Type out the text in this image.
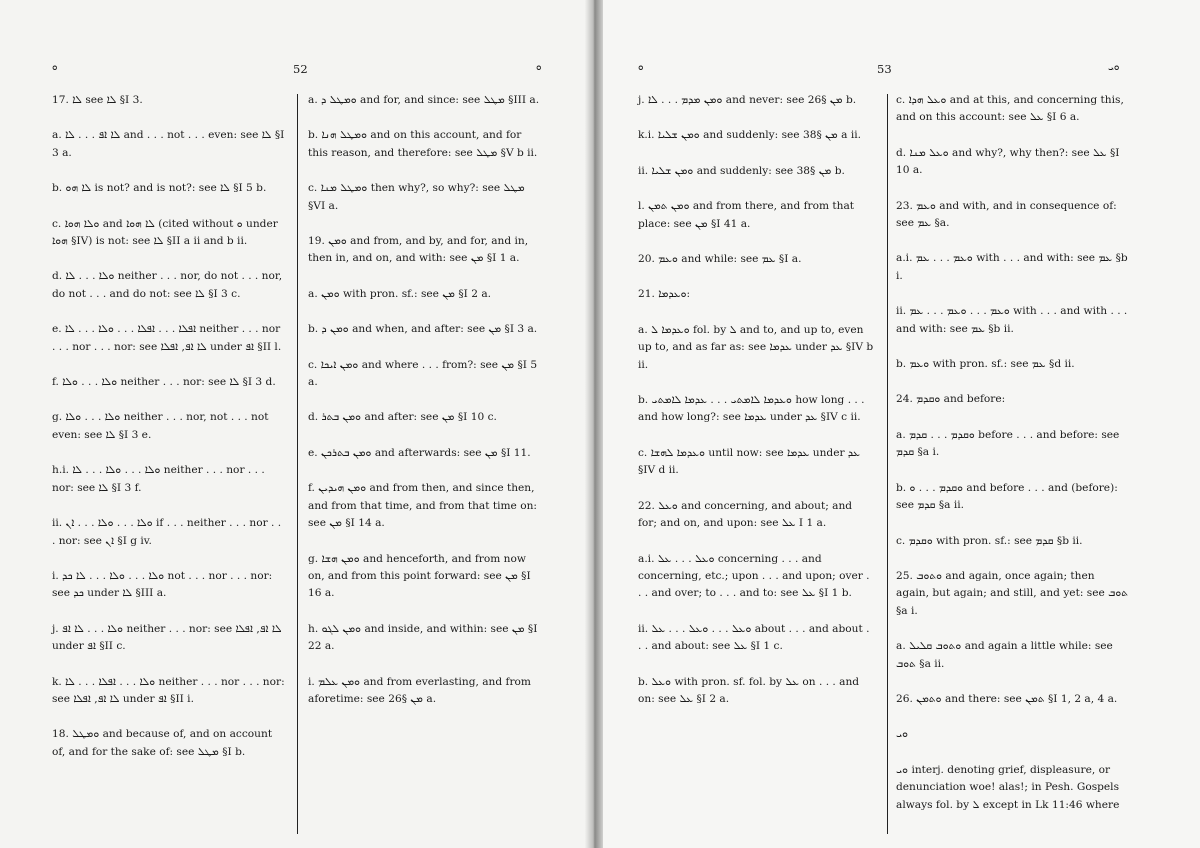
ܘ	52	ܘ

17. ܠܐ see ܠܐ §I 3.

a. ܠܐ ܐܦ . . . ܠܐ and . . . not . . . even: see ܠܐ §I 3 a.

b. ܠܐ ܗܘ is not? and is not?: see ܠܐ §I 5 b.

c. ܘܠܐ ܗܘܐ and ܠܐ ܗܘܐ (cited without ܘ under ܗܘܐ §IV) is not: see ܠܐ §II a ii and b ii.

d. ܘܠܐ . . . ܠܐ neither . . . nor, do not . . . nor, do not . . . and do not: see ܠܐ §I 3 c.

e. ܐܦܠܐ . . . ܐܦܠܐ . . . ܘܠܐ . . . ܠܐ neither . . . nor . . . nor . . . nor: see ܠܐ ܐܦ, ܐܦܠܐ under ܐܦ §II l.

f. ܘܠܐ . . . ܘܠܐ neither . . . nor: see ܠܐ §I 3 d.

g. ܘܠܐ . . . ܘܠܐ neither . . . nor, not . . . not even: see ܠܐ §I 3 e.

h.i. ܘܠܐ . . . ܘܠܐ . . . ܠܐ neither . . . nor . . . nor: see ܠܐ §I 3 f.

ii. ܘܠܐ . . . ܘܠܐ . . . ܐܢ if . . . neither . . . nor . . . nor: see ܐܢ §I g iv.

i. ܘܠܐ . . . ܘܠܐ . . . ܠܐ ܟܕ not . . . nor . . . nor: see ܟܕ under ܠܐ §III a.

j. ܘܠܐ . . . ܠܐ ܐܦ neither . . . nor: see ܠܐ ܐܦ, ܐܦܠܐ under ܐܦ §II c.

k. ܘܠܐ . . . ܐܦܠܐ . . . ܠܐ neither . . . nor . . . nor: see ܠܐ ܐܦ, ܐܦܠܐ under ܐܦ §II i.

18. ܘܡܛܠ and because of, and on account of, and for the sake of: see ܡܛܠ §I b.

a. ܘܡܛܠ ܕ and for, and since: see ܡܛܠ §III a.

b. ܘܡܛܠ ܗܢܐ and on this account, and for this reason, and therefore: see ܡܛܠ §V b ii.

c. ܘܡܛܠ ܡܢܐ then why?, so why?: see ܡܛܠ §VI a.

19. ܘܡܢ and from, and by, and for, and in, then in, and on, and with: see ܡܢ §I 1 a.

a. ܘܡܢ with pron. sf.: see ܡܢ §I 2 a.

b. ܘܡܢ ܕ and when, and after: see ܡܢ §I 3 a.

c. ܘܡܢ ܐܝܟܐ and where . . . from?: see ܡܢ §I 5 a.

d. ܘܡܢ ܒܬܪ and after: see ܡܢ §I 10 c.

e. ܘܡܢ ܒܬܪܟܢ and afterwards: see ܡܢ §I 11.

f. ܘܡܢ ܗܝܕܝܢ and from then, and since then, and from that time, and from that time on: see ܡܢ §I 14 a.

g. ܘܡܢ ܗܫܐ and henceforth, and from now on, and from this point forward: see ܡܢ §I 16 a.

h. ܘܡܢ ܠܓܘ and inside, and within: see ܡܢ §I 22 a.

i. ܘܡܢ ܥܠܡ and from everlasting, and from aforetime: see ܡܢ §26 a.

ܘ	53	ܘܝ

j. ܘܡܢ ܡܕܡ . . . ܠܐ and never: see ܡܢ §26 b.

k.i. ܘܡܢ ܫܠܝܐ and suddenly: see ܡܢ §38 a ii.

ii. ܘܡܢ ܫܠܝܐ and suddenly: see ܡܢ §38 b.

l. ܘܡܢ ܬܡܢ and from there, and from that place: see ܡܢ §I 41 a.

20. ܘܥܡ and while: see ܥܡ §I a.

21. ܘܥܕܡܐ:

a. ܘܥܕܡܐ ܠ fol. by ܠ and to, and up to, even up to, and as far as: see ܥܕܡܐ under ܥܕ §IV b ii.

b. ܘܥܕܡܐ ܠܐܡܬܝ . . . ܥܕܡܐ ܠܐܡܬܝ how long . . . and how long?: see ܥܕܡܐ under ܥܕ §IV c ii.

c. ܘܥܕܡܐ ܠܗܫܐ until now: see ܥܕܡܐ under ܥܕ §IV d ii.

22. ܘܥܠ and concerning, and about; and for; and on, and upon: see ܥܠ I 1 a.

a.i. ܘܥܠ . . . ܥܠ concerning . . . and concerning, etc.; upon . . . and upon; over . . . and over; to . . . and to: see ܥܠ §I 1 b.

ii. ܘܥܠ . . . ܘܥܠ . . . ܥܠ about . . . and about . . . and about: see ܥܠ §I 1 c.

b. ܘܥܠ with pron. sf. fol. by ܥܠ on . . . and on: see ܥܠ §I 2 a.

c. ܘܥܠ ܗܕܐ and at this, and concerning this, and on this account: see ܥܠ §I 6 a.

d. ܘܥܠ ܡܢܐ and why?, why then?: see ܥܠ §I 10 a.

23. ܘܥܡ and with, and in consequence of: see ܥܡ §a.

a.i. ܘܥܡ . . . ܥܡ with . . . and with: see ܥܡ §b i.

ii. ܘܥܡ . . . ܘܥܡ . . . ܥܡ with . . . and with . . . and with: see ܥܡ §b ii.

b. ܘܥܡ with pron. sf.: see ܥܡ §d ii.

24. ܘܩܕܡ and before:

a. ܘܩܕܡ . . . ܩܕܡ before . . . and before: see ܩܕܡ §a i.

b. ܘܩܕܡ . . . ܘ and before . . . and (before): see ܩܕܡ §a ii.

c. ܘܩܕܡ with pron. sf.: see ܩܕܡ §b ii.

25. ܘܬܘܒ and again, once again; then again, but again; and still, and yet: see ܬܘܒ §a i.

a. ܘܬܘܒ ܩܠܝܠ and again a little while: see ܬܘܒ §a ii.

26. ܘܬܡܢ and there: see ܬܡܢ §I 1, 2 a, 4 a.

ܘܝ

ܘܝ interj. denoting grief, displeasure, or denunciation woe! alas!; in Pesh. Gospels always fol. by ܠ except in Lk 11:46 where
